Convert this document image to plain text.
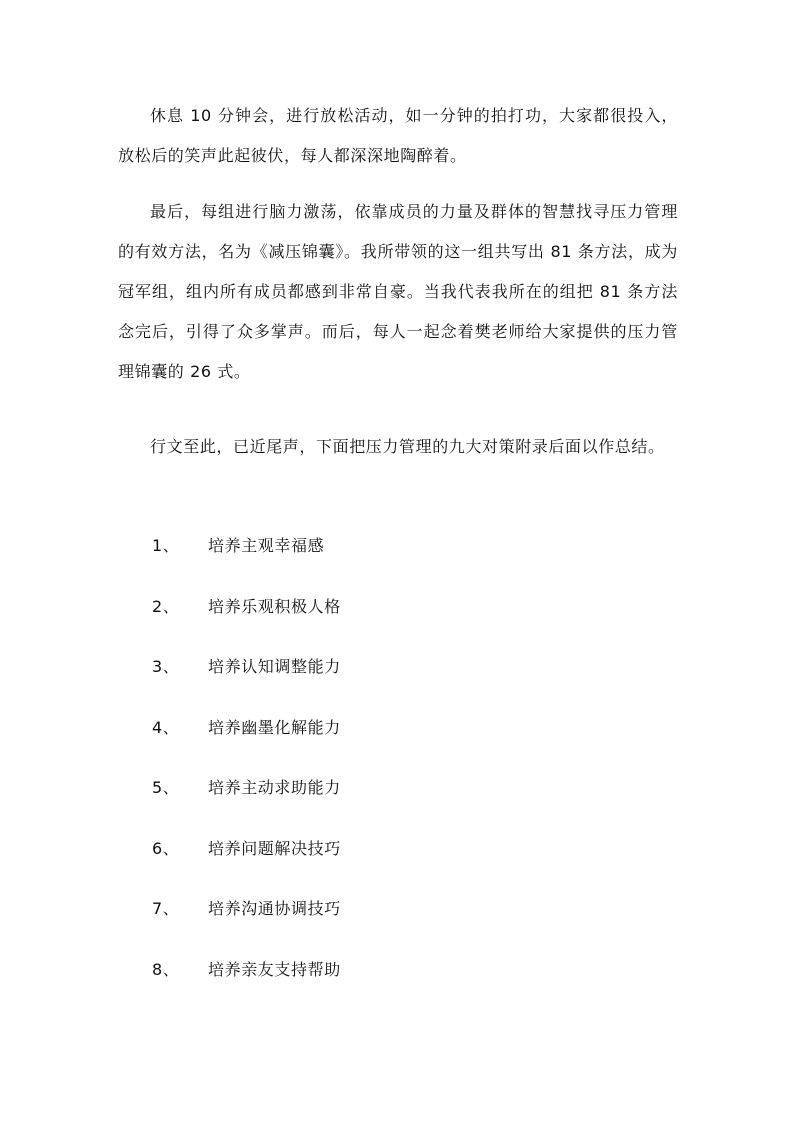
休息 10 分钟会，进行放松活动，如一分钟的拍打功，大家都很投入，放松后的笑声此起彼伏，每人都深深地陶醉着。

最后，每组进行脑力激荡，依靠成员的力量及群体的智慧找寻压力管理的有效方法，名为《减压锦囊》。我所带领的这一组共写出 81 条方法，成为冠军组，组内所有成员都感到非常自豪。当我代表我所在的组把 81 条方法念完后，引得了众多掌声。而后，每人一起念着樊老师给大家提供的压力管理锦囊的 26 式。

行文至此，已近尾声，下面把压力管理的九大对策附录后面以作总结。

1、	培养主观幸福感
2、	培养乐观积极人格
3、	培养认知调整能力
4、	培养幽墨化解能力
5、	培养主动求助能力
6、	培养问题解决技巧
7、	培养沟通协调技巧
8、	培养亲友支持帮助
